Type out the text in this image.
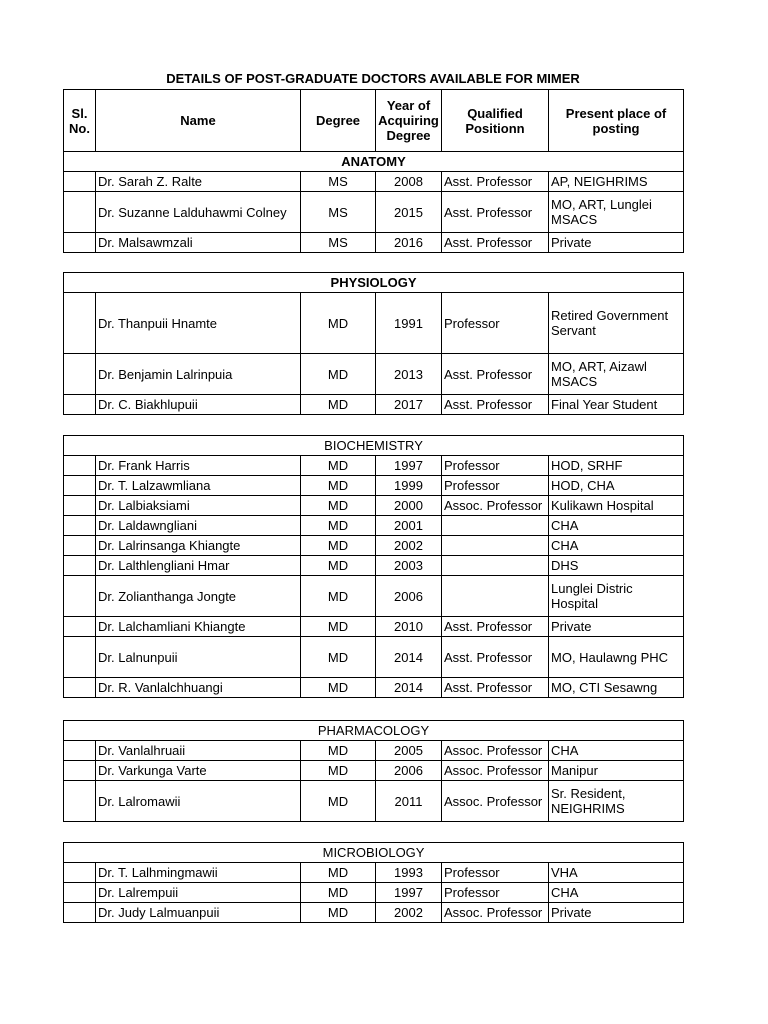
DETAILS OF POST-GRADUATE DOCTORS AVAILABLE FOR MIMER
Sl. No.	Name	Degree	Year of Acquiring Degree	Qualified Positionn	Present place of posting
ANATOMY					
	Dr. Sarah Z. Ralte	MS	2008	Asst. Professor	AP, NEIGHRIMS
	Dr. Suzanne Lalduhawmi Colney	MS	2015	Asst. Professor	MO, ART, Lunglei MSACS
	Dr. Malsawmzali	MS	2016	Asst. Professor	Private
PHYSIOLOGY					
	Dr. Thanpuii Hnamte	MD	1991	Professor	Retired Government Servant
	Dr. Benjamin Lalrinpuia	MD	2013	Asst. Professor	MO, ART, Aizawl MSACS
	Dr. C. Biakhlupuii	MD	2017	Asst. Professor	Final Year Student
BIOCHEMISTRY					
	Dr. Frank Harris	MD	1997	Professor	HOD, SRHF
	Dr. T. Lalzawmliana	MD	1999	Professor	HOD, CHA
	Dr. Lalbiaksiami	MD	2000	Assoc. Professor	Kulikawn Hospital
	Dr. Laldawngliani	MD	2001		CHA
	Dr. Lalrinsanga Khiangte	MD	2002		CHA
	Dr. Lalthlengliani Hmar	MD	2003		DHS
	Dr. Zolianthanga Jongte	MD	2006		Lunglei Distric Hospital
	Dr. Lalchamliani Khiangte	MD	2010	Asst. Professor	Private
	Dr. Lalnunpuii	MD	2014	Asst. Professor	MO, Haulawng PHC
	Dr. R. Vanlalchhuangi	MD	2014	Asst. Professor	MO, CTI Sesawng
PHARMACOLOGY					
	Dr. Vanlalhruaii	MD	2005	Assoc. Professor	CHA
	Dr. Varkunga Varte	MD	2006	Assoc. Professor	Manipur
	Dr. Lalromawii	MD	2011	Assoc. Professor	Sr. Resident, NEIGHRIMS
MICROBIOLOGY					
	Dr. T. Lalhmingmawii	MD	1993	Professor	VHA
	Dr. Lalrempuii	MD	1997	Professor	CHA
	Dr. Judy Lalmuanpuii	MD	2002	Assoc. Professor	Private
